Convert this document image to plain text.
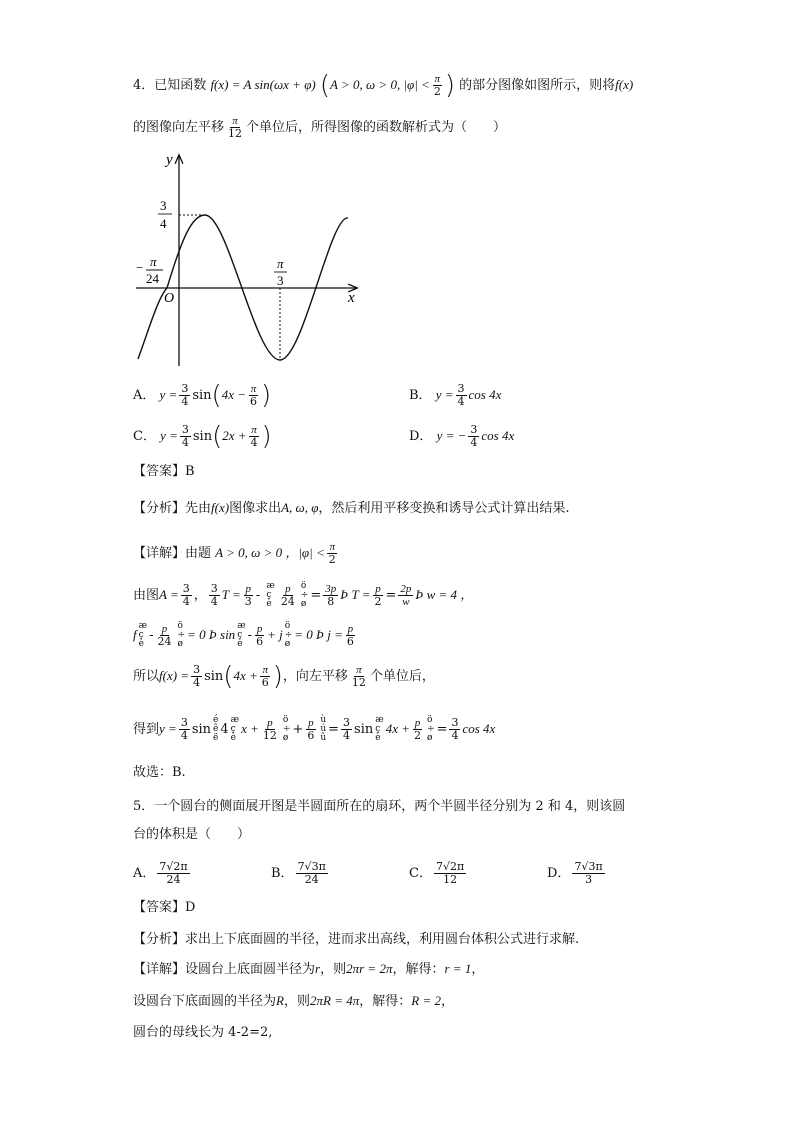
4．已知函数 f(x) = A sin(ωx + φ) (A > 0, ω > 0, $|\varphi| < \frac{\pi}{2}$ ) 的部分图像如图所示，则将f(x)
的图像向左平移 $\frac{\pi}{12}$ 个单位后，所得图像的函数解析式为（　　）
y
x
O
3
4
− π
24
π
3
A． $y = \frac{3}{4} \sin(4x - \frac{\pi}{6}$ )	B． $y = \frac{3}{4}$ cos 4x
C． $y = \frac{3}{4} \sin(2x + \frac{\pi}{4}$ )	D． y = − $\frac{3}{4}$ cos 4x
【答案】B
【分析】先由f(x)图像求出A, ω, φ，然后利用平移变换和诱导公式计算出结果.
【详解】由题 A > 0, ω > 0 ，$|\varphi| < \frac{\pi}{2}$
由图$A = \frac{3}{4}$ ， $\frac{3}{4}$ $T = \frac{p}{3}$ - æ
ç
è $\frac{p}{24}$ ö
÷
ø= $\frac{3p}{8}$ Þ $T = \frac{p}{2} = \frac{2p}{w}$ Þ w = 4 ，
fæ
ç
è- $\frac{p}{24}$ ö
÷
ø= 0 Þ sinæ
ç
è- $\frac{p}{6}$ + jö
÷
ø= 0 Þ $j = \frac{p}{6}$
所以$f(x) = \frac{3}{4} \sin(4x + \frac{\pi}{6}$ )，向左平移 $\frac{\pi}{12}$ 个单位后，
得到$y = \frac{3}{4}$ siné
ê
ë4æ
ç
èx + $\frac{p}{12}$ ö
÷
ø+ $\frac{p}{6}$ ù
ú
û= $\frac{3}{4}$ sinæ
ç
è4x + $\frac{p}{2}$ ö
÷
ø= $\frac{3}{4}$ cos 4x
故选：B.
5．一个圆台的侧面展开图是半圆面所在的扇环，两个半圆半径分别为 2 和 4，则该圆
台的体积是（　　）
A． $\frac{7√2\pi}{24}$	B． $\frac{7√3\pi}{24}$	C． $\frac{7√2\pi}{12}$	D． $\frac{7√3\pi}{3}$
【答案】D
【分析】求出上下底面圆的半径，进而求出高线，利用圆台体积公式进行求解.
【详解】设圆台上底面圆半径为r，则2πr = 2π，解得：r = 1，
设圆台下底面圆的半径为R，则2πR = 4π，解得：R = 2，
圆台的母线长为 4-2=2,
